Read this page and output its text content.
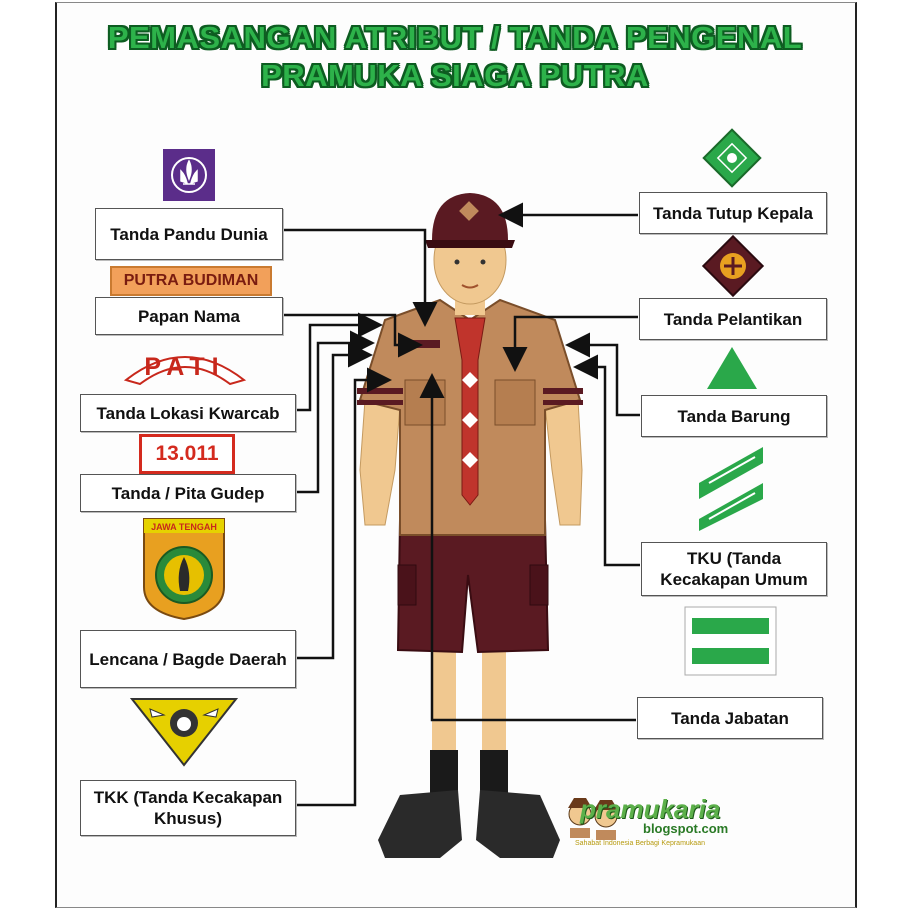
PEMASANGAN ATRIBUT / TANDA PENGENAL
PRAMUKA SIAGA PUTRA
Tanda Pandu Dunia
Papan Nama
Tanda Lokasi Kwarcab
Tanda / Pita Gudep
Lencana / Bagde Daerah
TKK (Tanda Kecakapan Khusus)
Tanda Tutup Kepala
Tanda Pelantikan
Tanda Barung
TKU (Tanda Kecakapan Umum
Tanda Jabatan
PUTRA BUDIMAN
PATI
13.011
JAWA TENGAH
pramukaria
blogspot.com
Sahabat Indonesia Berbagi Kepramukaan
